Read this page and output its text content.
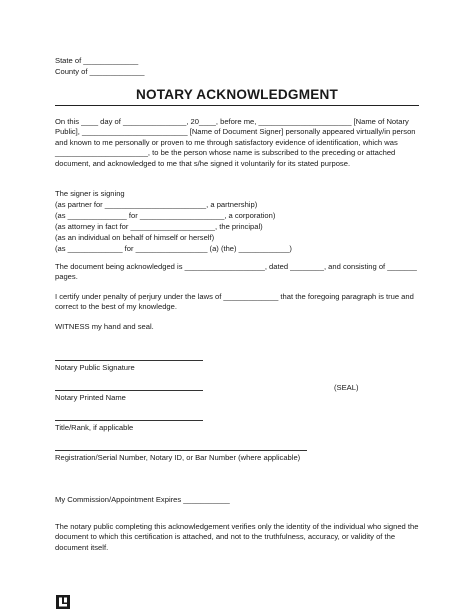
State of _____________
County of _____________
NOTARY ACKNOWLEDGMENT

On this ____ day of _______________, 20____, before me, ______________________ [Name of Notary Public], _________________________ [Name of Document Signer] personally appeared virtually/in person and known to me personally or proven to me through satisfactory evidence of identification, which was ______________________, to be the person whose name is subscribed to the preceding or attached document, and acknowledged to me that s/he signed it voluntarily for its stated purpose.

The signer is signing
(as partner for ________________________, a partnership)
(as ______________ for ____________________, a corporation)
(as attorney in fact for ____________________, the principal)
(as an individual on behalf of himself or herself)
(as _____________ for _________________ (a) (the) ____________)

The document being acknowledged is ___________________, dated ________, and consisting of _______ pages.

I certify under penalty of perjury under the laws of _____________ that the foregoing paragraph is true and correct to the best of my knowledge.

WITNESS my hand and seal.
Notary Public Signature
(SEAL)
Notary Printed Name
Title/Rank, if applicable
Registration/Serial Number, Notary ID, or Bar Number (where applicable)
My Commission/Appointment Expires ___________

The notary public completing this acknowledgement verifies only the identity of the individual who signed the document to which this certification is attached, and not to the truthfulness, accuracy, or validity of the document itself.
